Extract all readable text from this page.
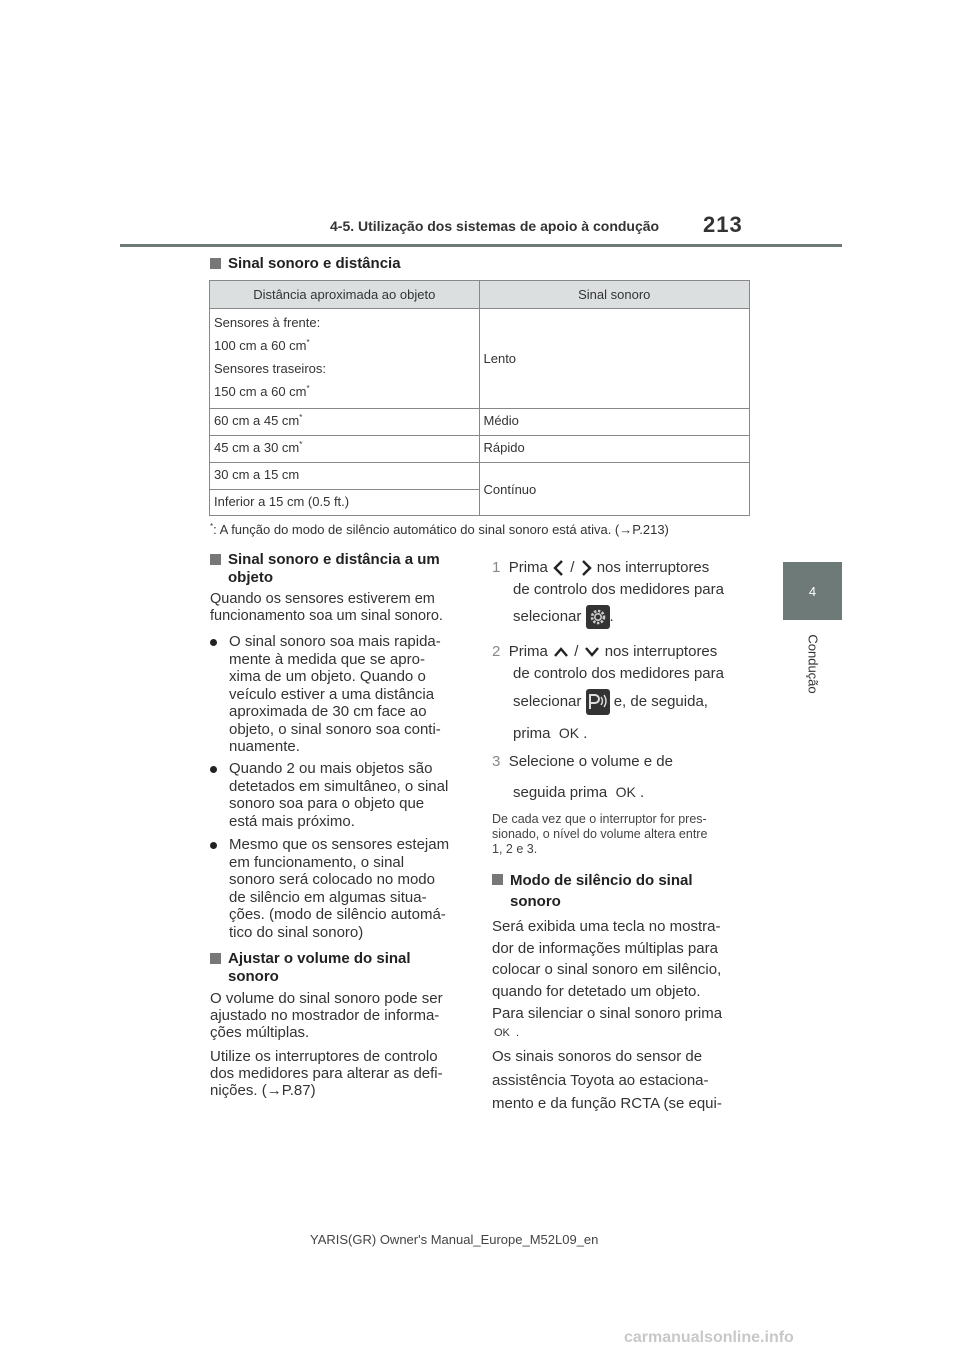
4-5. Utilização dos sistemas de apoio à condução 213
4
Condução
Sinal sonoro e distância
Distância aproximada ao objeto	Sinal sonoro

Sensores à frente:
100 cm a 60 cm*
Sensores traseiros:
150 cm a 60 cm*	Lento
60 cm a 45 cm*	Médio
45 cm a 30 cm*	Rápido
30 cm a 15 cm	Contínuo
Inferior a 15 cm (0.5 ft.)	
*: A função do modo de silêncio automático do sinal sonoro está ativa. (→P.213)
Sinal sonoro e distância a um
objeto
Quando os sensores estiverem em
funcionamento soa um sinal sonoro.
O sinal sonoro soa mais rapida-
mente à medida que se apro-
xima de um objeto. Quando o
veículo estiver a uma distância
aproximada de 30 cm face ao
objeto, o sinal sonoro soa conti-
nuamente.
Quando 2 ou mais objetos são
detetados em simultâneo, o sinal
sonoro soa para o objeto que
está mais próximo.
Mesmo que os sensores estejam
em funcionamento, o sinal
sonoro será colocado no modo
de silêncio em algumas situa-
ções. (modo de silêncio automá-
tico do sinal sonoro)
Ajustar o volume do sinal
sonoro
O volume do sinal sonoro pode ser
ajustado no mostrador de informa-
ções múltiplas.
Utilize os interruptores de controlo
dos medidores para alterar as defi-
nições. (→P.87)
1 Prima / nos interruptores
de controlo dos medidores para
selecionar .
2 Prima / nos interruptores
de controlo dos medidores para
selecionar e, de seguida,
prima OK .
3 Selecione o volume e de
seguida prima OK .
De cada vez que o interruptor for pres-
sionado, o nível do volume altera entre
1, 2 e 3.
Modo de silêncio do sinal
sonoro
Será exibida uma tecla no mostra-
dor de informações múltiplas para
colocar o sinal sonoro em silêncio,
quando for detetado um objeto.
Para silenciar o sinal sonoro prima
OK .
Os sinais sonoros do sensor de
assistência Toyota ao estaciona-
mento e da função RCTA (se equi-
YARIS(GR) Owner's Manual_Europe_M52L09_en
carmanualsonline.info
